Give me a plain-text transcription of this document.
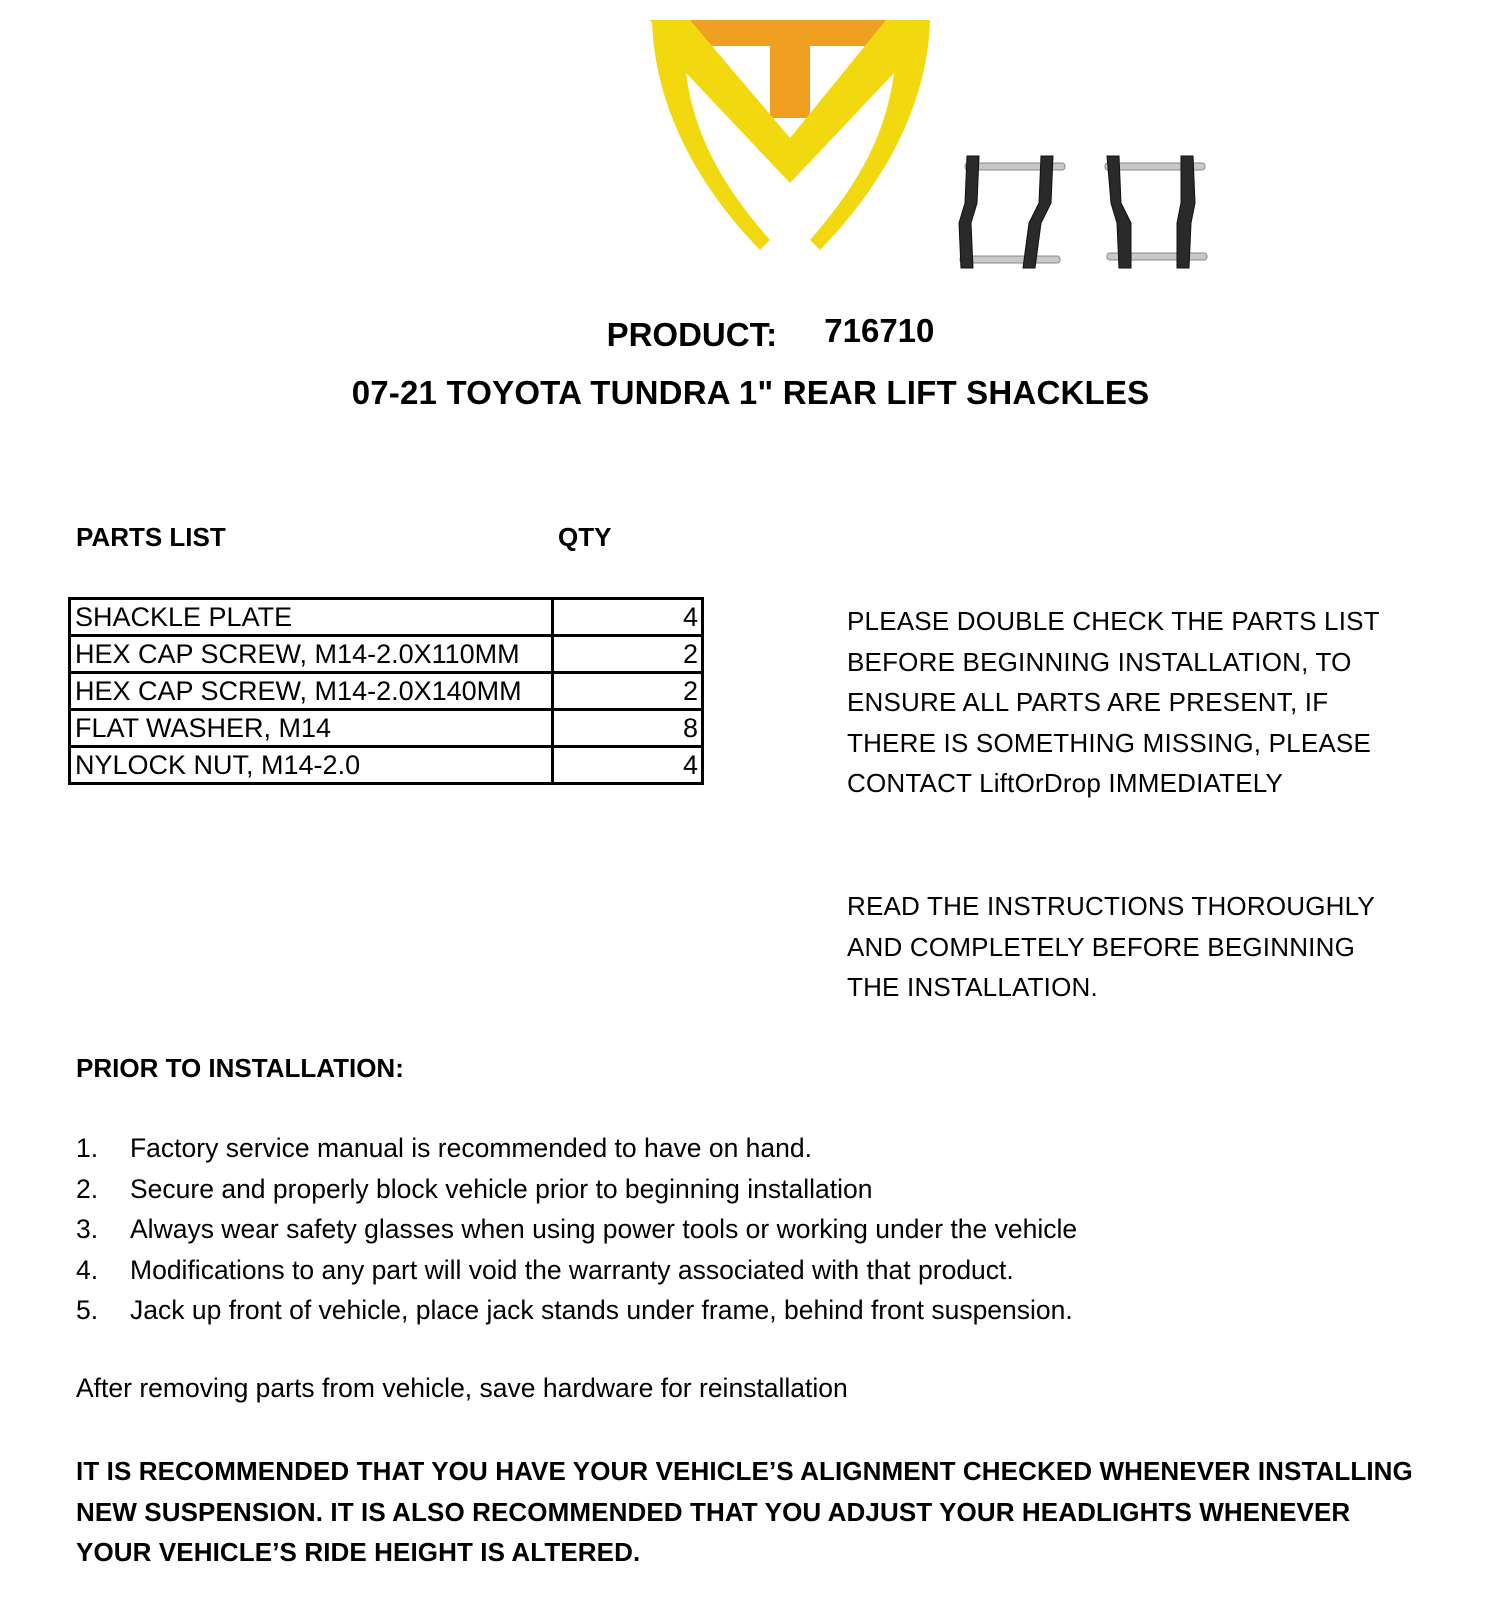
PRODUCT: 716710
07-21 TOYOTA TUNDRA 1" REAR LIFT SHACKLES
PARTS LIST	QTY
SHACKLE PLATE	4
HEX CAP SCREW, M14-2.0X110MM	2
HEX CAP SCREW, M14-2.0X140MM	2
FLAT WASHER, M14	8
NYLOCK NUT, M14-2.0	4
PLEASE DOUBLE CHECK THE PARTS LIST
BEFORE BEGINNING INSTALLATION, TO
ENSURE ALL PARTS ARE PRESENT, IF
THERE IS SOMETHING MISSING, PLEASE
CONTACT LiftOrDrop IMMEDIATELY
READ THE INSTRUCTIONS THOROUGHLY
AND COMPLETELY BEFORE BEGINNING
THE INSTALLATION.
PRIOR TO INSTALLATION:
1. Factory service manual is recommended to have on hand.
2. Secure and properly block vehicle prior to beginning installation
3. Always wear safety glasses when using power tools or working under the vehicle
4. Modifications to any part will void the warranty associated with that product.
5. Jack up front of vehicle, place jack stands under frame, behind front suspension.
After removing parts from vehicle, save hardware for reinstallation
IT IS RECOMMENDED THAT YOU HAVE YOUR VEHICLE’S ALIGNMENT CHECKED WHENEVER INSTALLING
NEW SUSPENSION. IT IS ALSO RECOMMENDED THAT YOU ADJUST YOUR HEADLIGHTS WHENEVER
YOUR VEHICLE’S RIDE HEIGHT IS ALTERED.
